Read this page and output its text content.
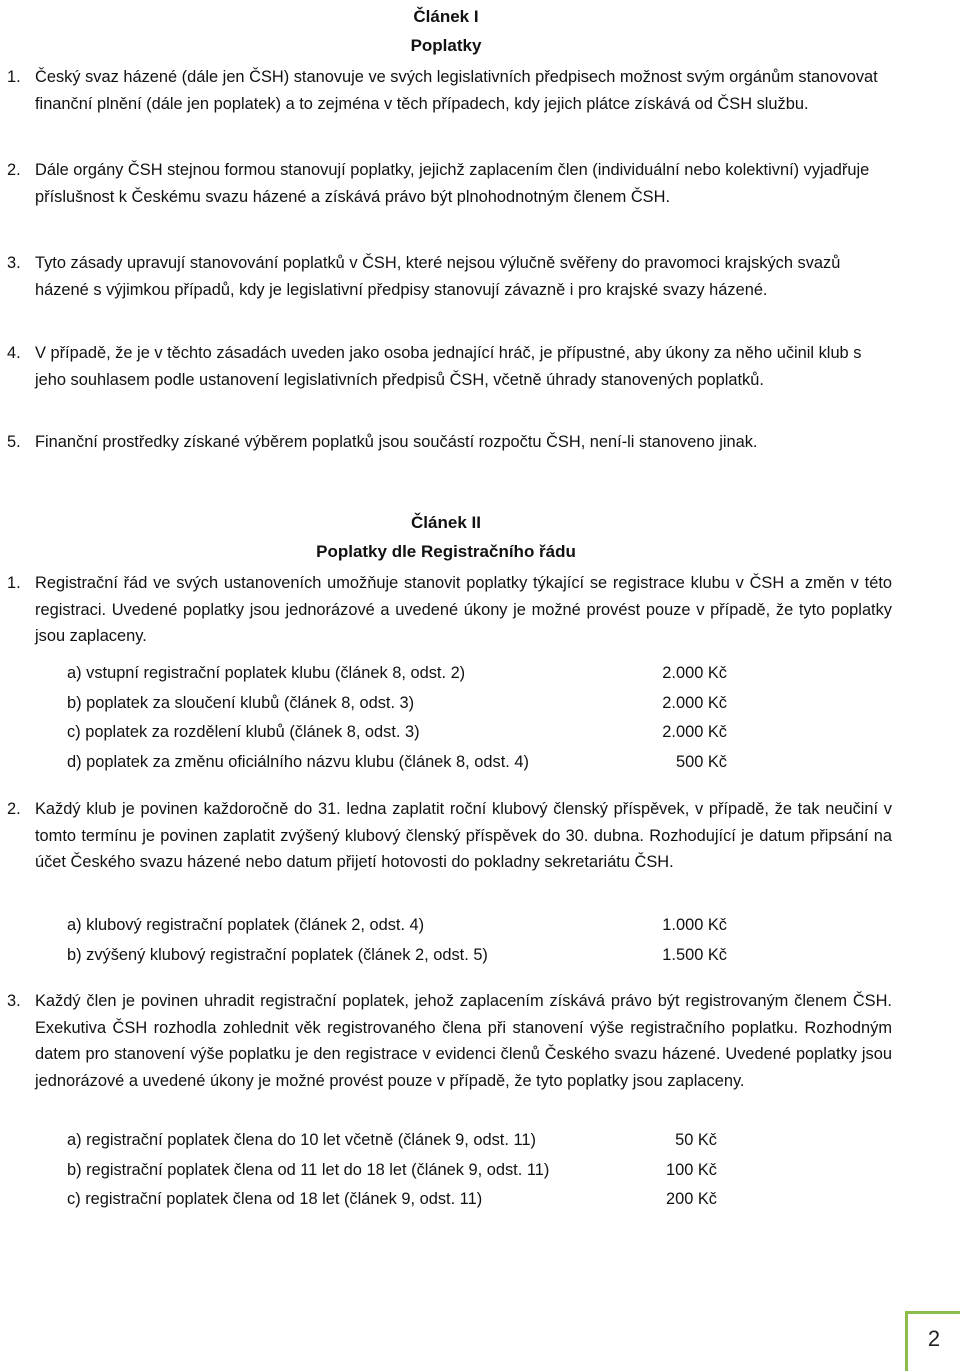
Článek I
Poplatky
1. Český svaz házené (dále jen ČSH) stanovuje ve svých legislativních předpisech možnost svým orgánům stanovovat finanční plnění (dále jen poplatek) a to zejména v těch případech, kdy jejich plátce získává od ČSH službu.
2. Dále orgány ČSH stejnou formou stanovují poplatky, jejichž zaplacením člen (individuální nebo kolektivní) vyjadřuje příslušnost k Českému svazu házené a získává právo být plnohodnotným členem ČSH.
3. Tyto zásady upravují stanovování poplatků v ČSH, které nejsou výlučně svěřeny do pravomoci krajských svazů házené s výjimkou případů, kdy je legislativní předpisy stanovují závazně i pro krajské svazy házené.
4. V případě, že je v těchto zásadách uveden jako osoba jednající hráč, je přípustné, aby úkony za něho učinil klub s jeho souhlasem podle ustanovení legislativních předpisů ČSH, včetně úhrady stanovených poplatků.
5. Finanční prostředky získané výběrem poplatků jsou součástí rozpočtu ČSH, není-li stanoveno jinak.
Článek II
Poplatky dle Registračního řádu
1. Registrační řád ve svých ustanoveních umožňuje stanovit poplatky týkající se registrace klubu v ČSH a změn v této registraci. Uvedené poplatky jsou jednorázové a uvedené úkony je možné provést pouze v případě, že tyto poplatky jsou zaplaceny.
a) vstupní registrační poplatek klubu (článek 8, odst. 2)	2.000 Kč
b) poplatek za sloučení klubů (článek 8, odst. 3)	2.000 Kč
c) poplatek za rozdělení klubů (článek 8, odst. 3)	2.000 Kč
d) poplatek za změnu oficiálního názvu klubu (článek 8, odst. 4)	500 Kč
2. Každý klub je povinen každoročně do 31. ledna zaplatit roční klubový členský příspěvek, v případě, že tak neučiní v tomto termínu je povinen zaplatit zvýšený klubový členský příspěvek do 30. dubna. Rozhodující je datum připsání na účet Českého svazu házené nebo datum přijetí hotovosti do pokladny sekretariátu ČSH.
a) klubový registrační poplatek (článek 2, odst. 4)	1.000 Kč
b) zvýšený klubový registrační poplatek (článek 2, odst. 5)	1.500 Kč
3. Každý člen je povinen uhradit registrační poplatek, jehož zaplacením získává právo být registrovaným členem ČSH. Exekutiva ČSH rozhodla zohlednit věk registrovaného člena při stanovení výše registračního poplatku. Rozhodným datem pro stanovení výše poplatku je den registrace v evidenci členů Českého svazu házené. Uvedené poplatky jsou jednorázové a uvedené úkony je možné provést pouze v případě, že tyto poplatky jsou zaplaceny.
a) registrační poplatek člena do 10 let včetně (článek 9, odst. 11)	50 Kč
b) registrační poplatek člena od 11 let do 18 let (článek 9, odst. 11)	100 Kč
c) registrační poplatek člena od 18 let (článek 9, odst. 11)	200 Kč
2
